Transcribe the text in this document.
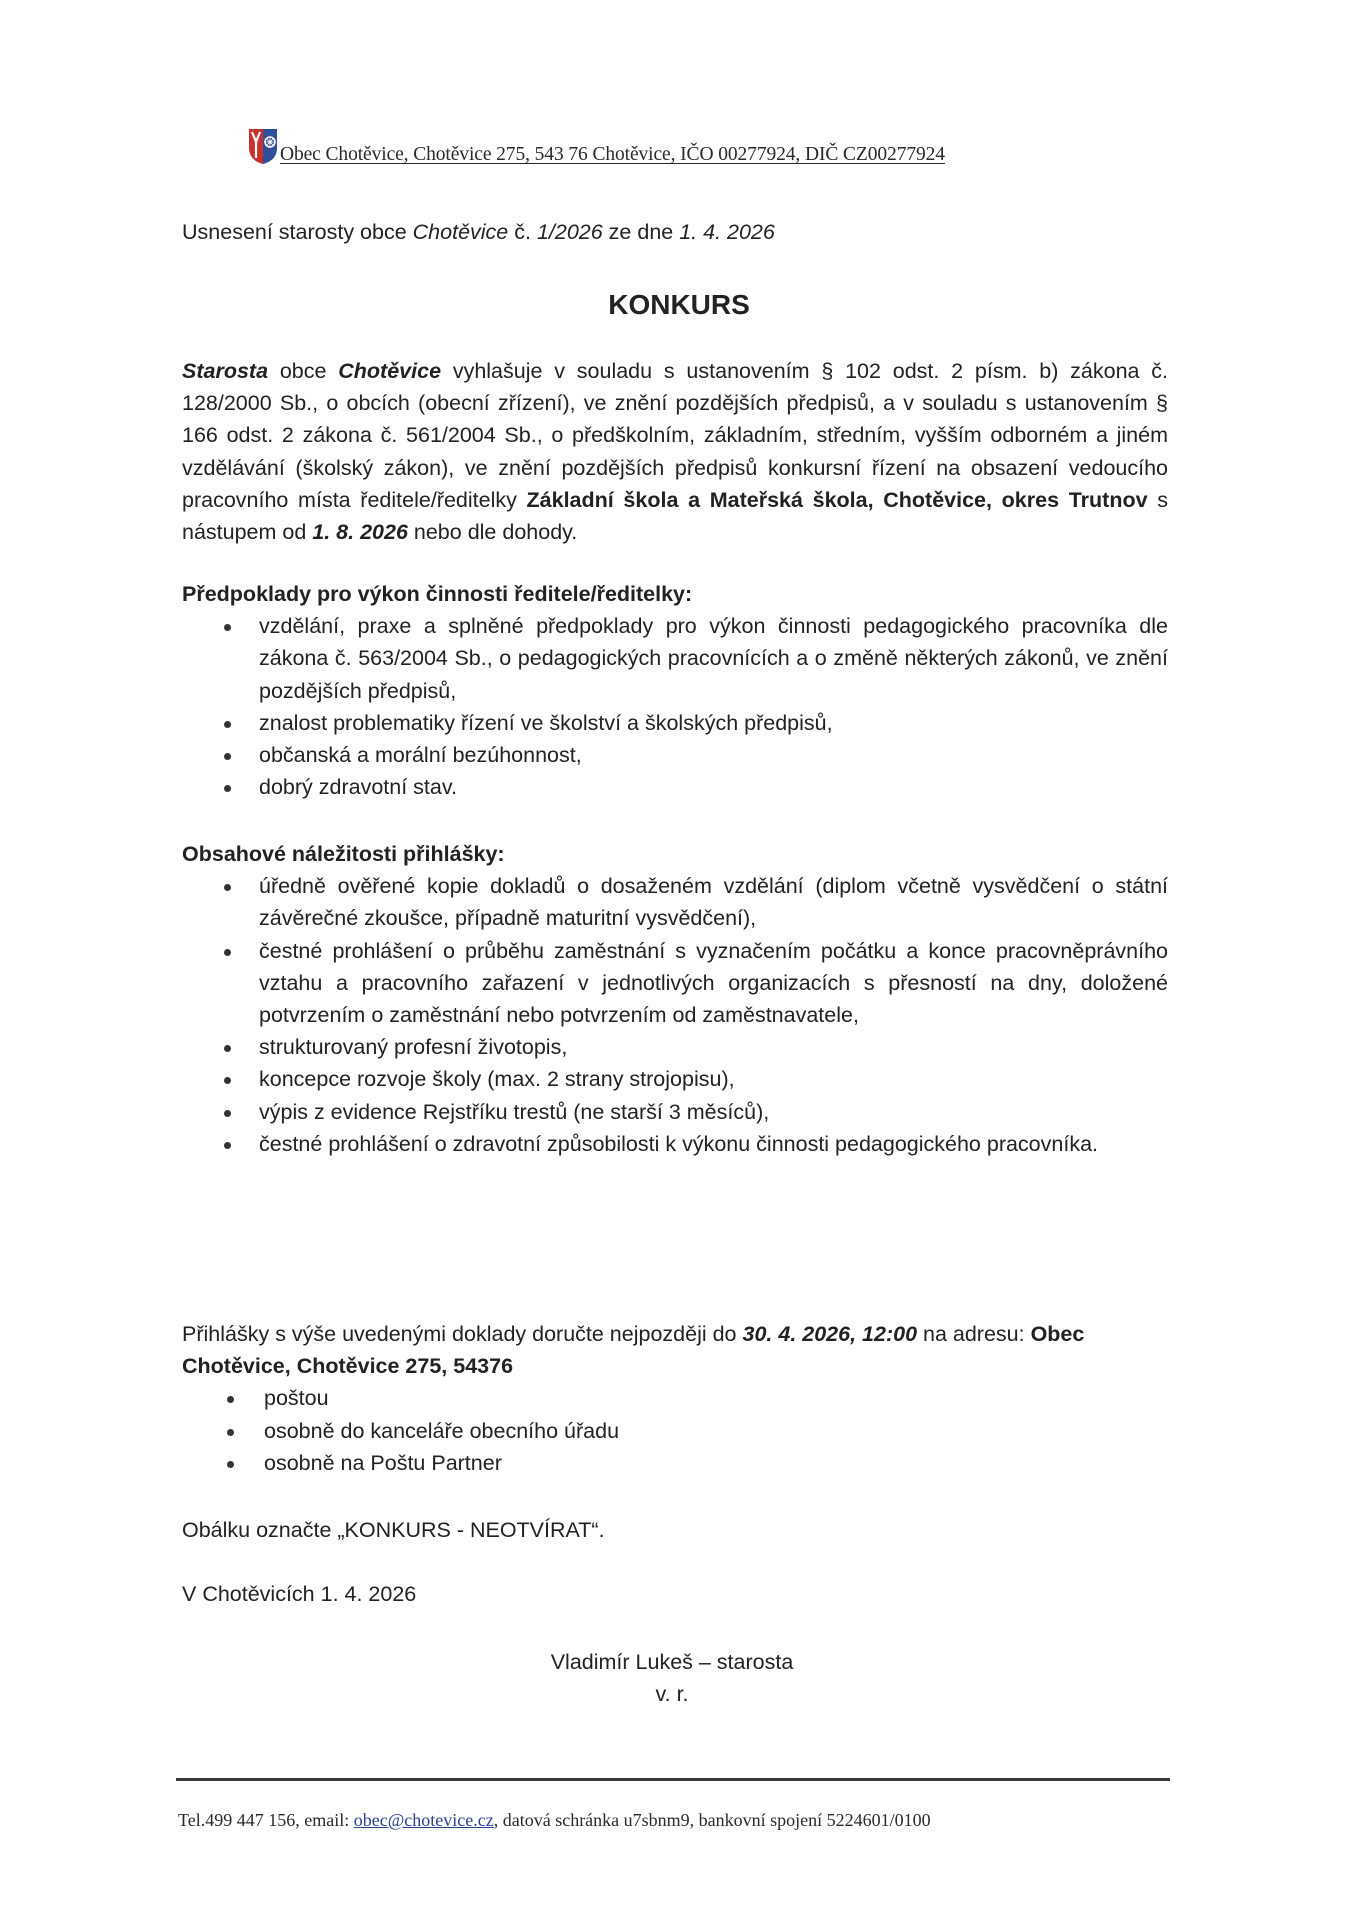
Obec Chotěvice, Chotěvice 275, 543 76 Chotěvice, IČO 00277924, DIČ CZ00277924
Usnesení starosty obce Chotěvice č. 1/2026 ze dne 1. 4. 2026
KONKURS
Starosta obce Chotěvice vyhlašuje v souladu s ustanovením § 102 odst. 2 písm. b) zákona č. 128/2000 Sb., o obcích (obecní zřízení), ve znění pozdějších předpisů, a v souladu s ustanovením § 166 odst. 2 zákona č. 561/2004 Sb., o předškolním, základním, středním, vyšším odborném a jiném vzdělávání (školský zákon), ve znění pozdějších předpisů konkursní řízení na obsazení vedoucího pracovního místa ředitele/ředitelky Základní škola a Mateřská škola, Chotěvice, okres Trutnov s nástupem od 1. 8. 2026 nebo dle dohody.
Předpoklady pro výkon činnosti ředitele/ředitelky:
vzdělání, praxe a splněné předpoklady pro výkon činnosti pedagogického pracovníka dle zákona č. 563/2004 Sb., o pedagogických pracovnících a o změně některých zákonů, ve znění pozdějších předpisů,
znalost problematiky řízení ve školství a školských předpisů,
občanská a morální bezúhonnost,
dobrý zdravotní stav.
Obsahové náležitosti přihlášky:
úředně ověřené kopie dokladů o dosaženém vzdělání (diplom včetně vysvědčení o státní závěrečné zkoušce, případně maturitní vysvědčení),
čestné prohlášení o průběhu zaměstnání s vyznačením počátku a konce pracovněprávního vztahu a pracovního zařazení v jednotlivých organizacích s přesností na dny, doložené potvrzením o zaměstnání nebo potvrzením od zaměstnavatele,
strukturovaný profesní životopis,
koncepce rozvoje školy (max. 2 strany strojopisu),
výpis z evidence Rejstříku trestů (ne starší 3 měsíců),
čestné prohlášení o zdravotní způsobilosti k výkonu činnosti pedagogického pracovníka.
Přihlášky s výše uvedenými doklady doručte nejpozději do 30. 4. 2026, 12:00 na adresu: Obec Chotěvice, Chotěvice 275, 54376
poštou
osobně do kanceláře obecního úřadu
osobně na Poštu Partner
Obálku označte „KONKURS - NEOTVÍRAT“.
V Chotěvicích 1. 4. 2026
Vladimír Lukeš – starosta
v. r.
Tel.499 447 156, email: obec@chotevice.cz, datová schránka u7sbnm9, bankovní spojení 5224601/0100
